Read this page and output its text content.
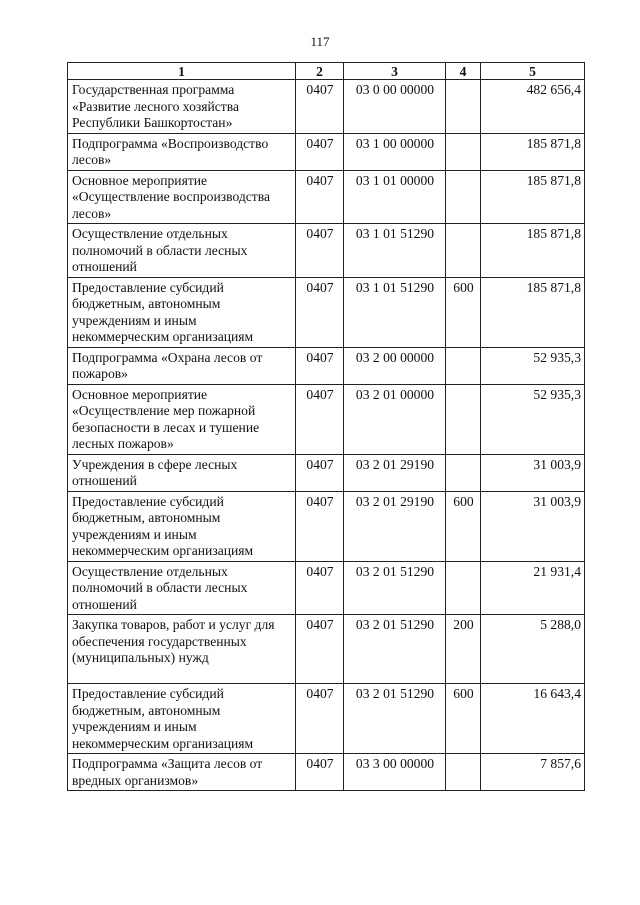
117
1	2	3	4	5
Государственная программа «Развитие лесного хозяйства Республики Башкортостан»	0407	03 0 00 00000		482 656,4
Подпрограмма «Воспроизводство лесов»	0407	03 1 00 00000		185 871,8
Основное мероприятие «Осуществление воспроизводства лесов»	0407	03 1 01 00000		185 871,8
Осуществление отдельных полномочий в области лесных отношений	0407	03 1 01 51290		185 871,8
Предоставление субсидий бюджетным, автономным учреждениям и иным некоммерческим организациям	0407	03 1 01 51290	600	185 871,8
Подпрограмма «Охрана лесов от пожаров»	0407	03 2 00 00000		52 935,3
Основное мероприятие «Осуществление мер пожарной безопасности в лесах и тушение лесных пожаров»	0407	03 2 01 00000		52 935,3
Учреждения в сфере лесных отношений	0407	03 2 01 29190		31 003,9
Предоставление субсидий бюджетным, автономным учреждениям и иным некоммерческим организациям	0407	03 2 01 29190	600	31 003,9
Осуществление отдельных полномочий в области лесных отношений	0407	03 2 01 51290		21 931,4
Закупка товаров, работ и услуг для обеспечения государственных (муниципальных) нужд	0407	03 2 01 51290	200	5 288,0
Предоставление субсидий бюджетным, автономным учреждениям и иным некоммерческим организациям	0407	03 2 01 51290	600	16 643,4
Подпрограмма «Защита лесов от вредных организмов»	0407	03 3 00 00000		7 857,6
